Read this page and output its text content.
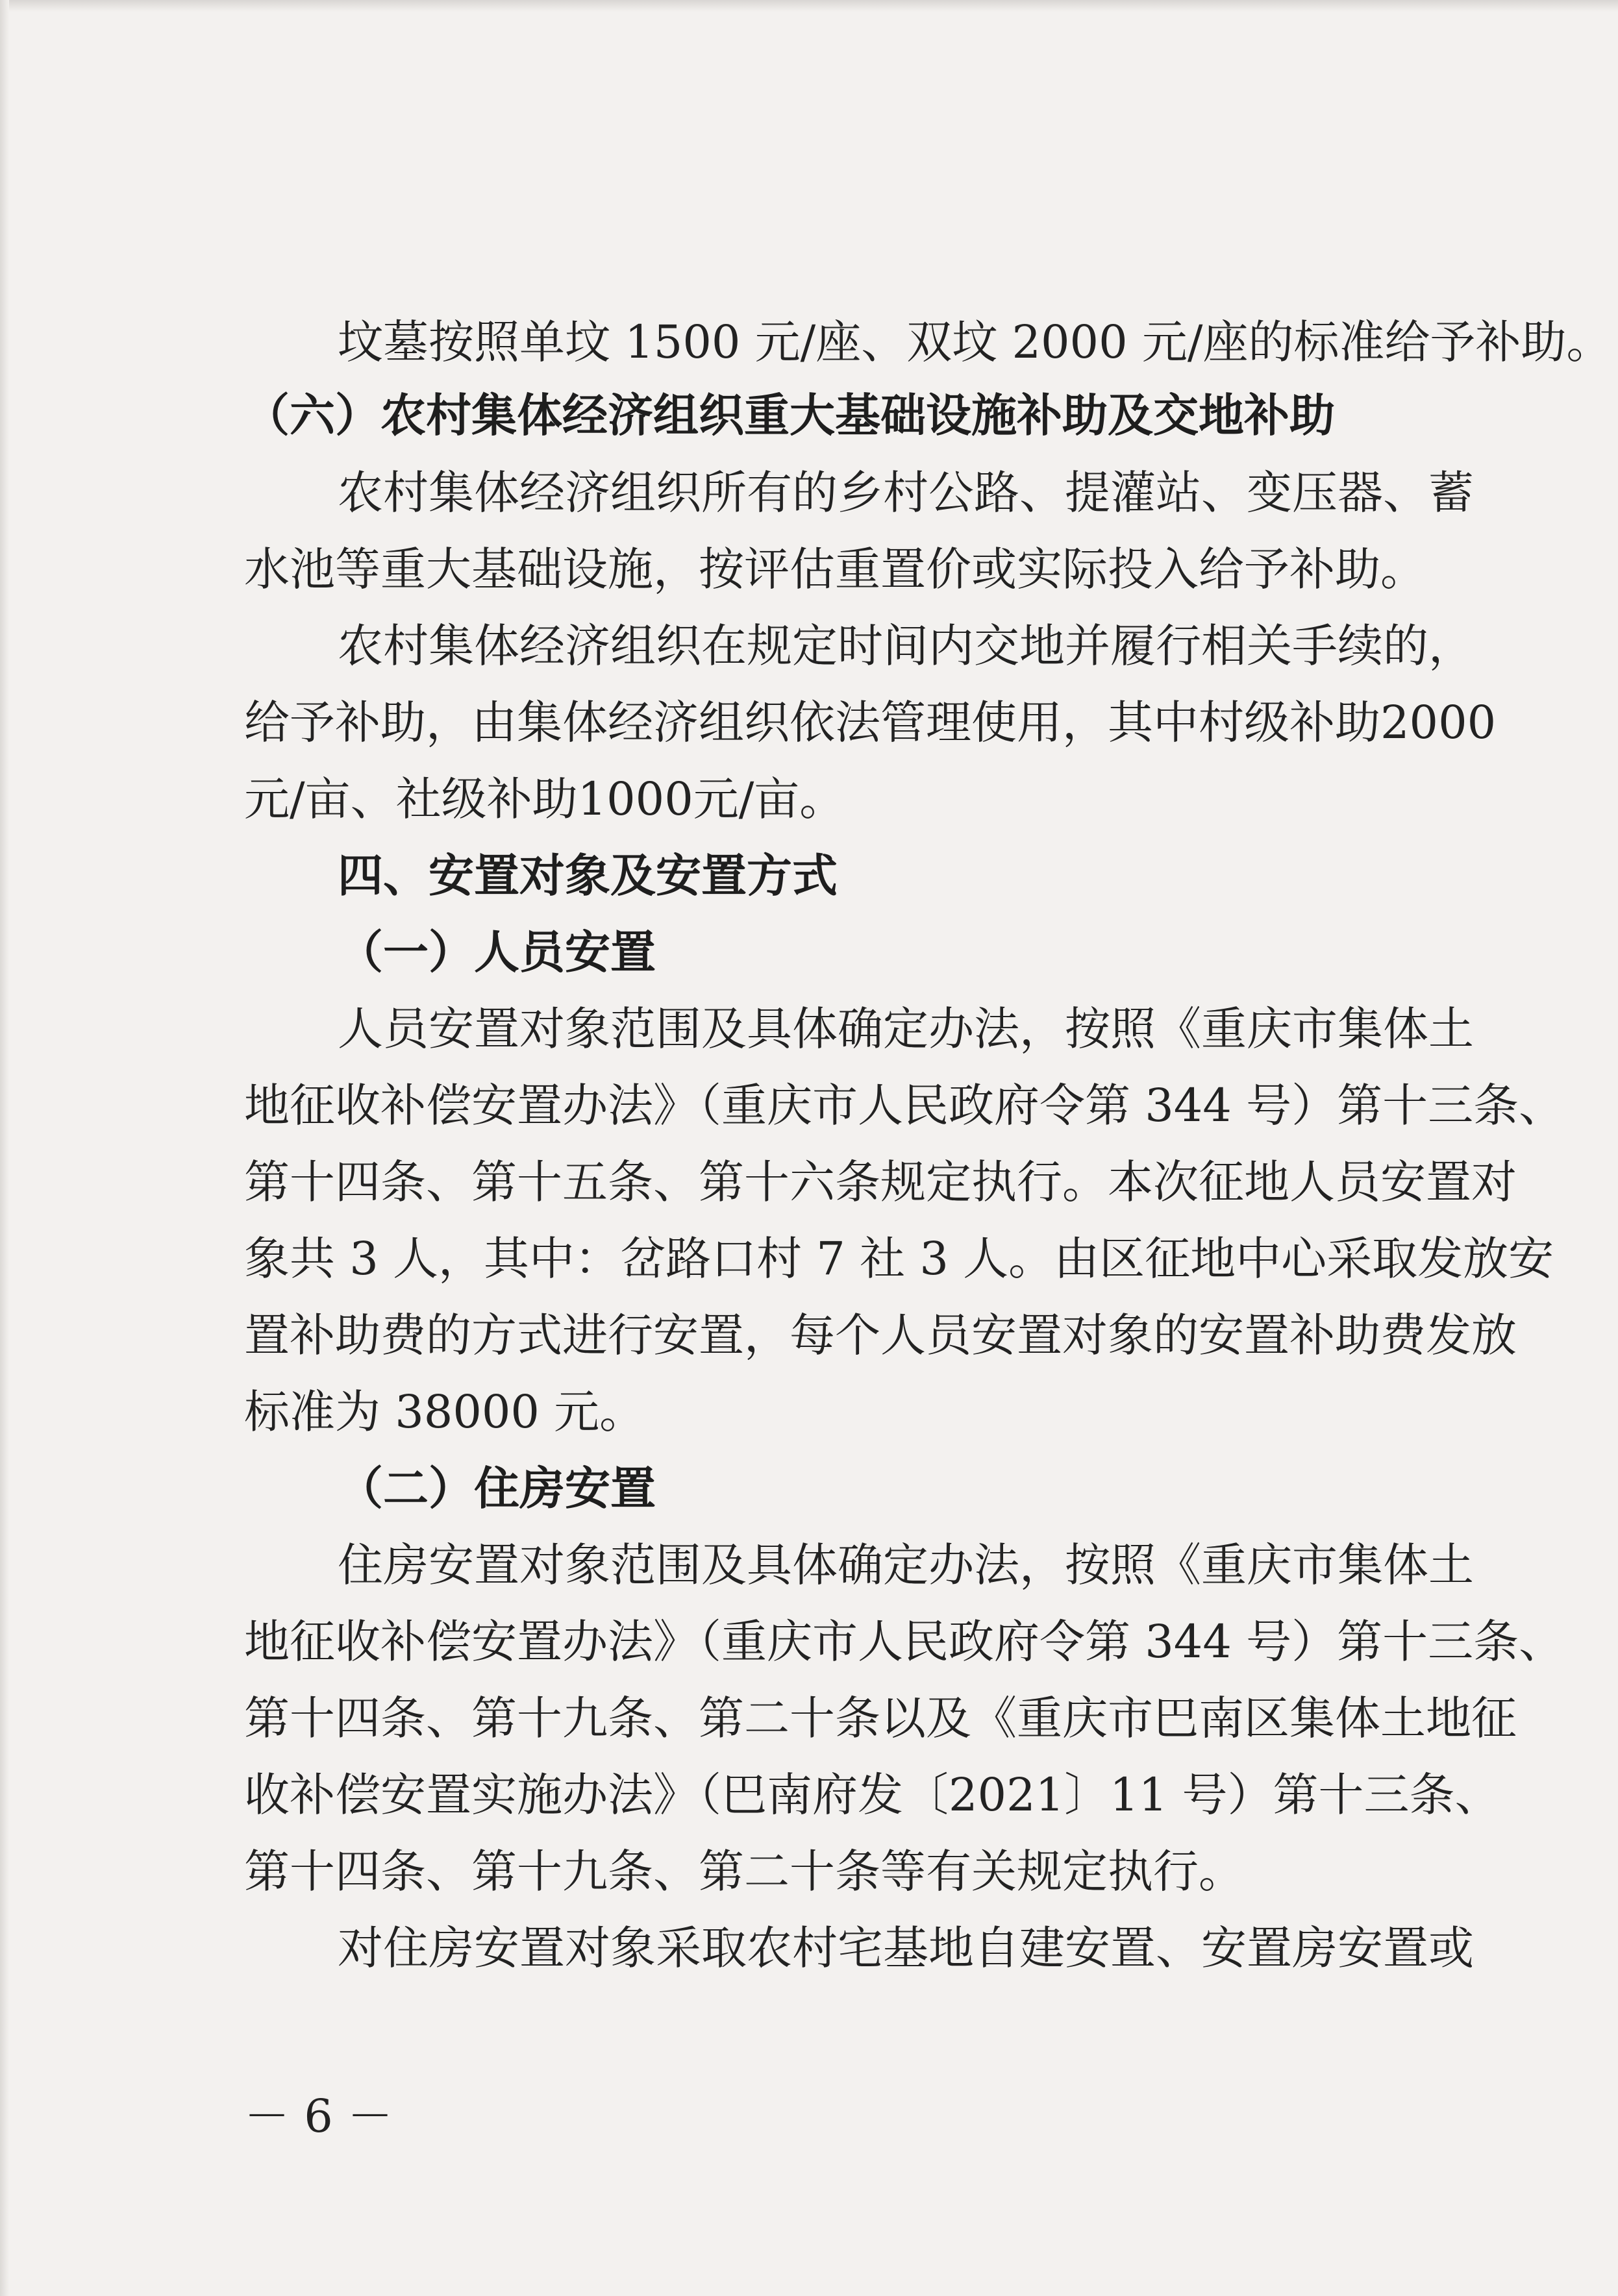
坟墓按照单坟 1500 元/座、双坟 2000 元/座的标准给予补助。
（六）农村集体经济组织重大基础设施补助及交地补助
农村集体经济组织所有的乡村公路、提灌站、变压器、蓄
水池等重大基础设施，按评估重置价或实际投入给予补助。
农村集体经济组织在规定时间内交地并履行相关手续的，
给予补助，由集体经济组织依法管理使用，其中村级补助2000
元/亩、社级补助1000元/亩。
四、安置对象及安置方式
（一）人员安置
人员安置对象范围及具体确定办法，按照《重庆市集体土
地征收补偿安置办法》（重庆市人民政府令第 344 号）第十三条、
第十四条、第十五条、第十六条规定执行。本次征地人员安置对
象共 3 人，其中：岔路口村 7 社 3 人。由区征地中心采取发放安
置补助费的方式进行安置，每个人员安置对象的安置补助费发放
标准为 38000 元。
（二）住房安置
住房安置对象范围及具体确定办法，按照《重庆市集体土
地征收补偿安置办法》（重庆市人民政府令第 344 号）第十三条、
第十四条、第十九条、第二十条以及《重庆市巴南区集体土地征
收补偿安置实施办法》（巴南府发〔2021〕11 号）第十三条、
第十四条、第十九条、第二十条等有关规定执行。
对住房安置对象采取农村宅基地自建安置、安置房安置或
－ 6 －
